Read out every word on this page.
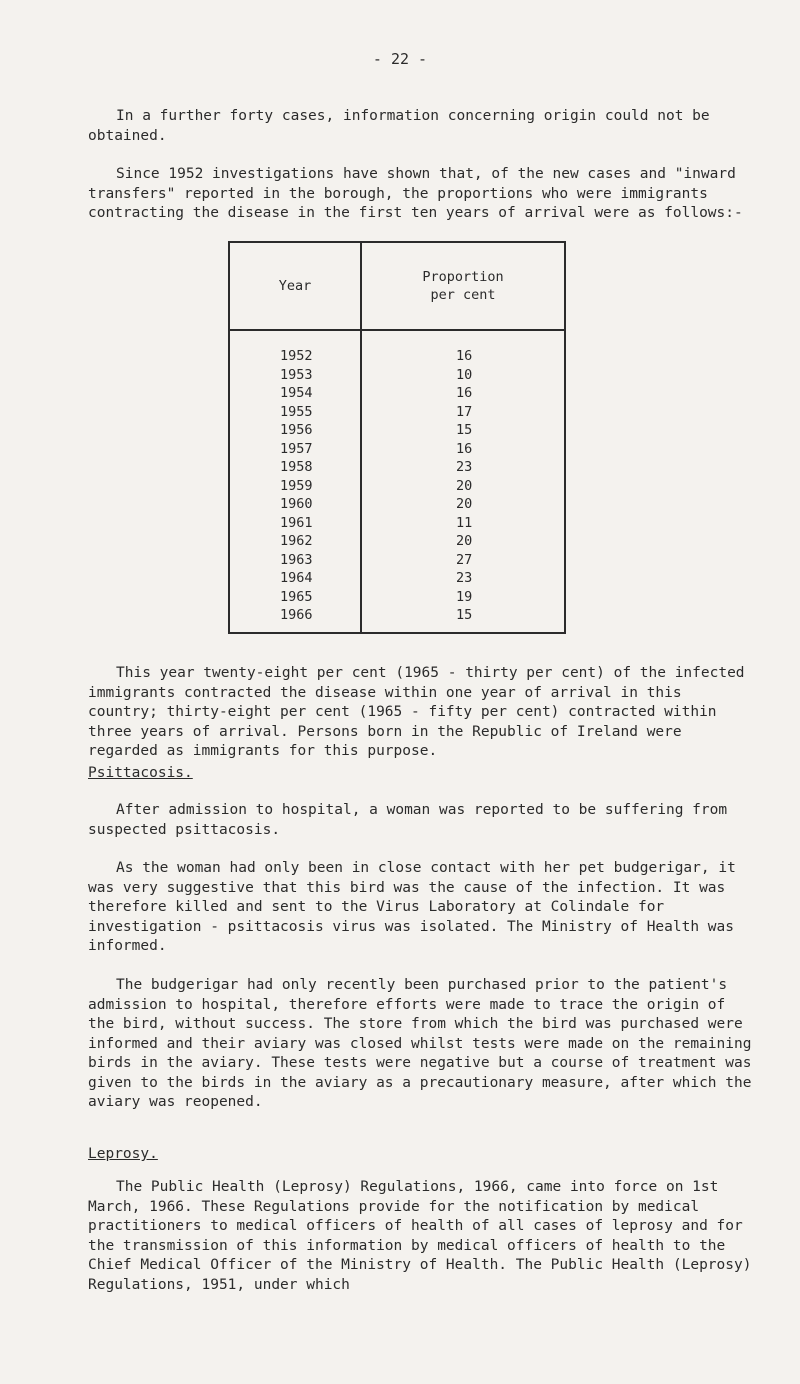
- 22 -

In a further forty cases, information concerning origin could not be obtained.

Since 1952 investigations have shown that, of the new cases and "inward transfers" reported in the borough, the proportions who were immigrants contracting the disease in the first ten years of arrival were as follows:-

Year	Proportion
per cent
1952	16
1953	10
1954	16
1955	17
1956	15
1957	16
1958	23
1959	20
1960	20
1961	11
1962	20
1963	27
1964	23
1965	19
1966	15

This year twenty-eight per cent (1965 - thirty per cent) of the infected immigrants contracted the disease within one year of arrival in this country; thirty-eight per cent (1965 - fifty per cent) contracted within three years of arrival. Persons born in the Republic of Ireland were regarded as immigrants for this purpose.

Psittacosis.

After admission to hospital, a woman was reported to be suffering from suspected psittacosis.

As the woman had only been in close contact with her pet budgerigar, it was very suggestive that this bird was the cause of the infection. It was therefore killed and sent to the Virus Laboratory at Colindale for investigation - psittacosis virus was isolated. The Ministry of Health was informed.

The budgerigar had only recently been purchased prior to the patient's admission to hospital, therefore efforts were made to trace the origin of the bird, without success. The store from which the bird was purchased were informed and their aviary was closed whilst tests were made on the remaining birds in the aviary. These tests were negative but a course of treatment was given to the birds in the aviary as a precautionary measure, after which the aviary was reopened.

Leprosy.

The Public Health (Leprosy) Regulations, 1966, came into force on 1st March, 1966. These Regulations provide for the notification by medical practitioners to medical officers of health of all cases of leprosy and for the transmission of this information by medical officers of health to the Chief Medical Officer of the Ministry of Health. The Public Health (Leprosy) Regulations, 1951, under which
